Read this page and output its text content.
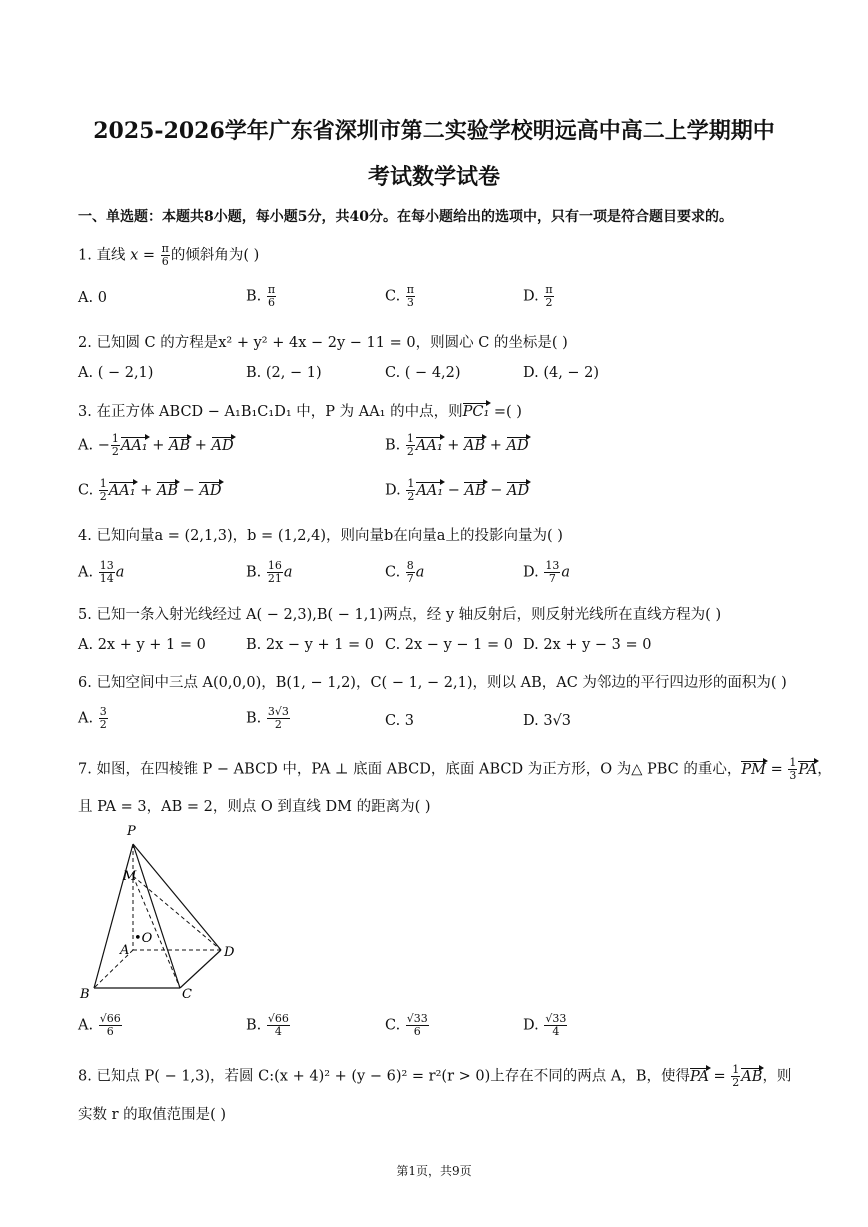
2025-2026学年广东省深圳市第二实验学校明远高中高二上学期期中
考试数学试卷
一、单选题：本题共8小题，每小题5分，共40分。在每小题给出的选项中，只有一项是符合题目要求的。
1. 直线 $x = \frac{\pi}{6}$ 的倾斜角为( )
A. 0	B. $\frac{\pi}{6}$	C. $\frac{\pi}{3}$	D. $\frac{\pi}{2}$
2. 已知圆 C 的方程是x² + y² + 4x − 2y − 11 = 0，则圆心 C 的坐标是( )
A. ( − 2,1)	B. (2, − 1)	C. ( − 4,2)	D. (4, − 2)
3. 在正方体 ABCD − A₁B₁C₁D₁ 中，P 为 AA₁ 的中点，则PC₁ =( )
A. − $\frac{1}{2} AA_1$ + AB + AD	B. $\frac{1}{2} AA_1$ + AB + AD
C. $\frac{1}{2} AA_1$ + AB − AD	D. $\frac{1}{2} AA_1$ − AB − AD
4. 已知向量a = (2,1,3)，b = (1,2,4)，则向量b在向量a上的投影向量为( )
A. $\frac{13}{14}$ a	B. $\frac{16}{21}$ a	C. $\frac{8}{7}$ a	D. $\frac{13}{7}$ a
5. 已知一条入射光线经过 A( − 2,3),B( − 1,1)两点，经 y 轴反射后，则反射光线所在直线方程为( )
A. 2x + y + 1 = 0	B. 2x − y + 1 = 0 C. 2x − y − 1 = 0 D. 2x + y − 3 = 0
6. 已知空间中三点 A(0,0,0)，B(1, − 1,2)，C( − 1, − 2,1)，则以 AB，AC 为邻边的平行四边形的面积为( )
A. $\frac{3}{2}$	B. $\frac{3√3}{2}$	C. 3	D. 3√3
7. 如图，在四棱锥 P − ABCD 中，PA ⊥ 底面 ABCD，底面 ABCD 为正方形，O 为△ PBC 的重心，PM = $\frac{1}{3}$ PA，
且 PA = 3，AB = 2，则点 O 到直线 DM 的距离为( )
P
M
A
•O
B	C
D
A. $\frac{√66}{6}$	B. $\frac{√66}{4}$	C. $\frac{√33}{6}$	D. $\frac{√33}{4}$
8. 已知点 P( − 1,3)，若圆 C:(x + 4)² + (y − 6)² = r²(r > 0)上存在不同的两点 A，B，使得PA = $\frac{1}{2}$ AB，则
实数 r 的取值范围是( )
第1页，共9页
